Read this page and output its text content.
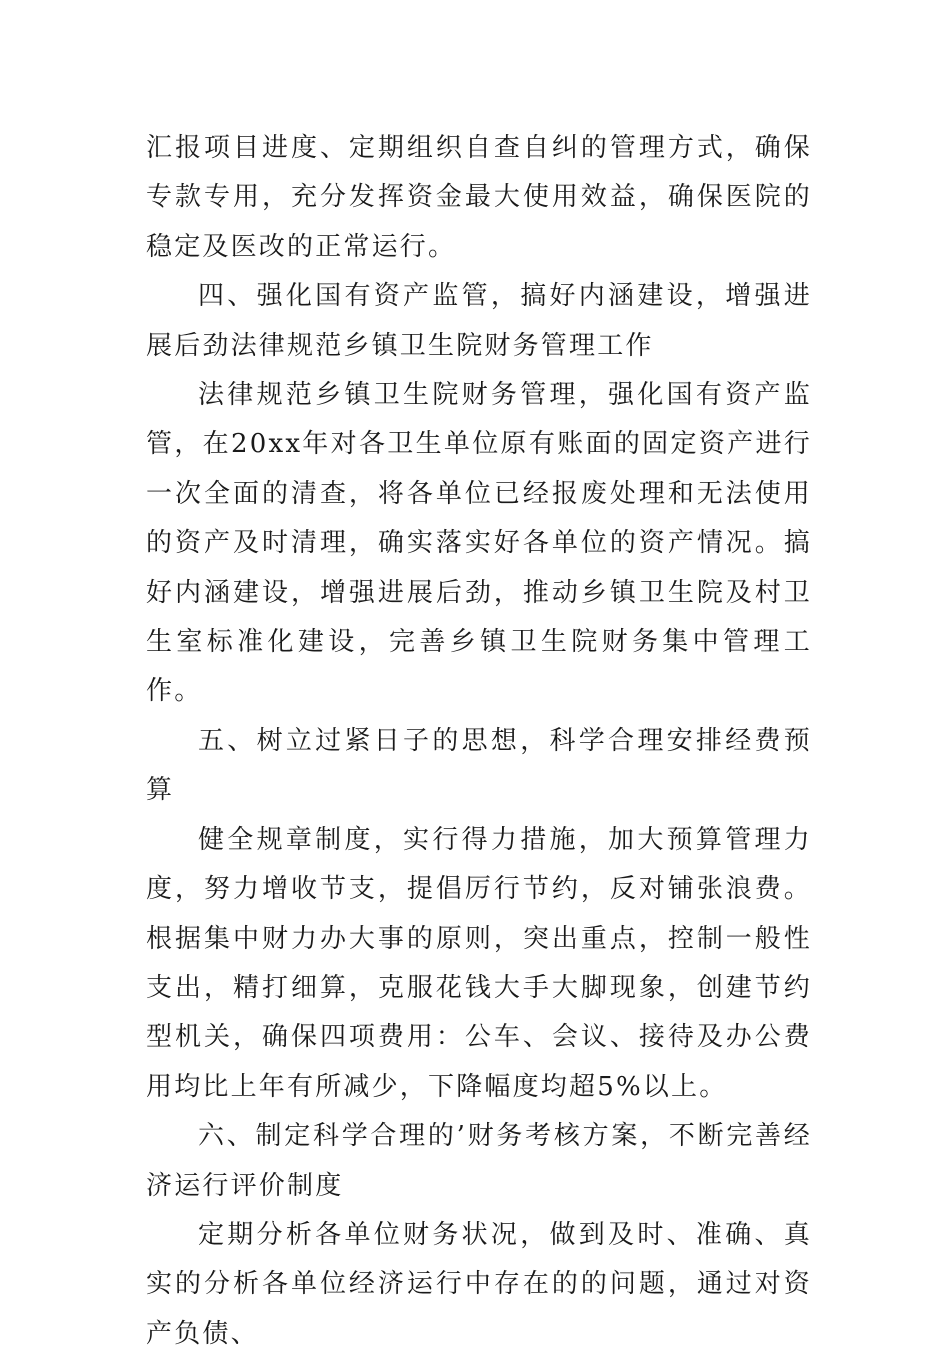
汇报项目进度、定期组织自查自纠的管理方式，确保专款专用，充分发挥资金最大使用效益，确保医院的稳定及医改的正常运行。

四、强化国有资产监管，搞好内涵建设，增强进展后劲法律规范乡镇卫生院财务管理工作

法律规范乡镇卫生院财务管理，强化国有资产监管，在20xx年对各卫生单位原有账面的固定资产进行一次全面的清查，将各单位已经报废处理和无法使用的资产及时清理，确实落实好各单位的资产情况。搞好内涵建设，增强进展后劲，推动乡镇卫生院及村卫生室标准化建设，完善乡镇卫生院财务集中管理工作。

五、树立过紧日子的思想，科学合理安排经费预算

健全规章制度，实行得力措施，加大预算管理力度，努力增收节支，提倡厉行节约，反对铺张浪费。根据集中财力办大事的原则，突出重点，控制一般性支出，精打细算，克服花钱大手大脚现象，创建节约型机关，确保四项费用：公车、会议、接待及办公费用均比上年有所减少，下降幅度均超5%以上。

六、制定科学合理的’财务考核方案，不断完善经济运行评价制度

定期分析各单位财务状况，做到及时、准确、真实的分析各单位经济运行中存在的的问题，通过对资产负债、
